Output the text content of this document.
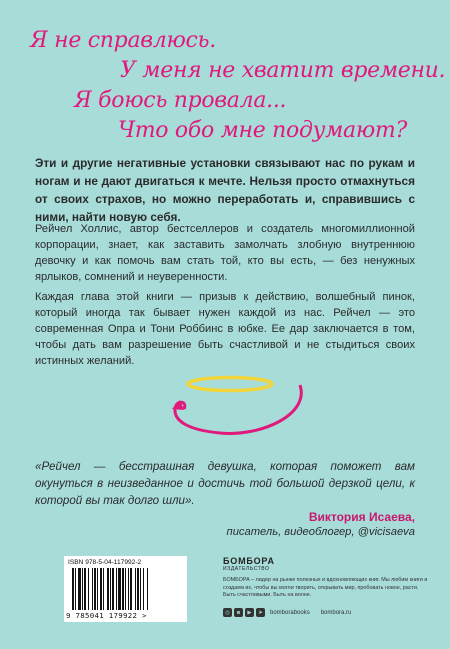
Я не справлюсь.
У меня не хватит времени.
Я боюсь провала...
Что обо мне подумают?

Эти и другие негативные установки связывают нас по рукам и ногам и не дают двигаться к мечте. Нельзя просто отмахнуться от своих страхов, но можно переработать и, справившись с ними, найти новую себя.

Рейчел Холлис, автор бестселлеров и создатель многомиллионной корпорации, знает, как заставить замолчать злобную внутреннюю девочку и как помочь вам стать той, кто вы есть, — без ненужных ярлыков, сомнений и неуверенности.

Каждая глава этой книги — призыв к действию, волшебный пинок, который иногда так бывает нужен каждой из нас. Рейчел — это современная Опра и Тони Роббинс в юбке. Ее дар заключается в том, чтобы дать вам разрешение быть счастливой и не стыдиться своих истинных желаний.

«Рейчел — бесстрашная девушка, которая поможет вам окунуться в неизведанное и достичь той большой дерзкой цели, к которой вы так долго шли».

Виктория Исаева,
писатель, видеоблогер, @vicisaeva
ISBN 978-5-04-117992-2
9 785041 179922 >
БОМБОРА
ИЗДАТЕЛЬСТВО

БОМБОРА – лидер на рынке полезных и вдохновляющих книг. Мы любим книги и создаем их, чтобы вы могли творить, открывать мир, пробовать новое, расти. Быть счастливыми. Быть на волне.

◎	в	▶	➤	bomborabooks bombora.ru
